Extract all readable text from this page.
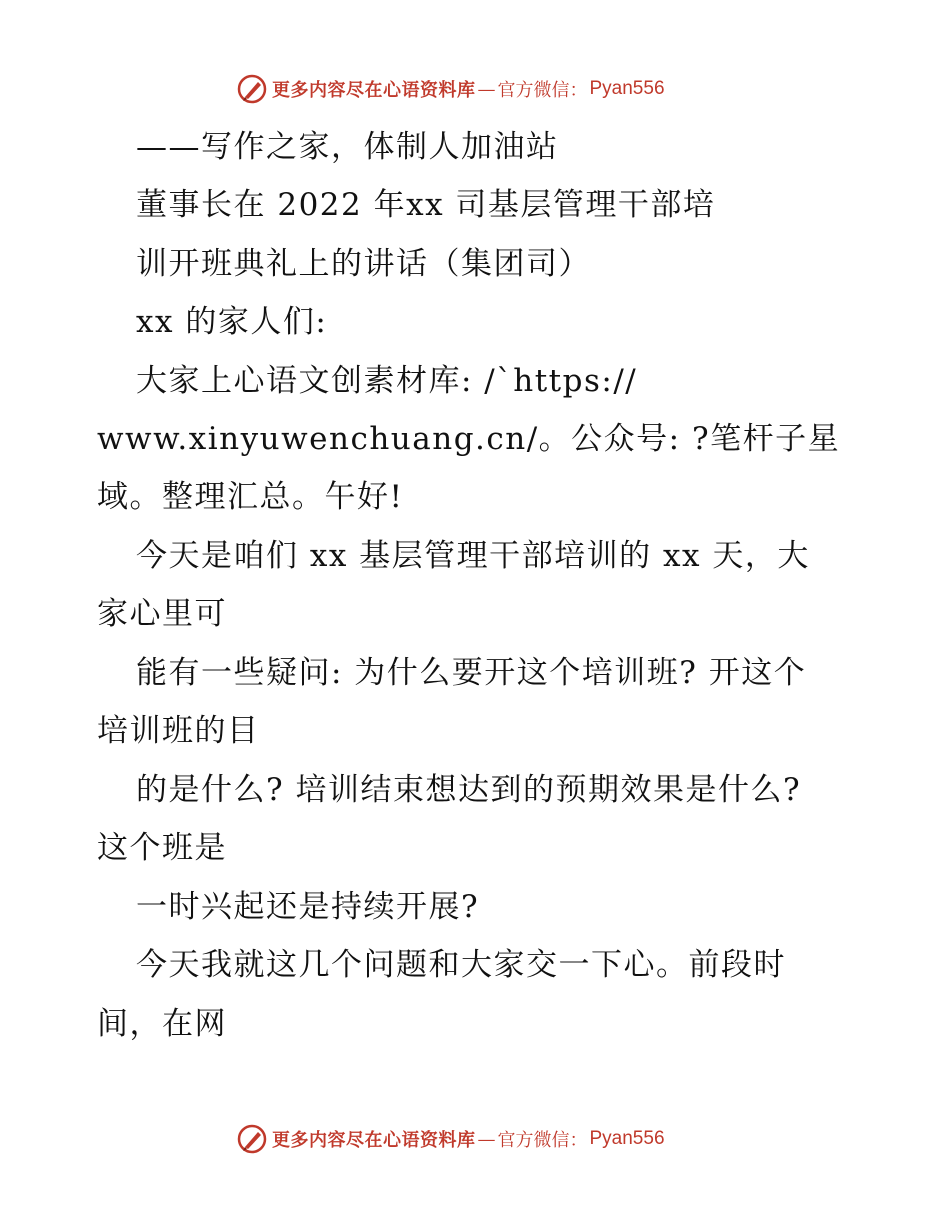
更多内容尽在心语资料库 — 官方微信： Pyan556
——写作之家，体制人加油站
董事长在 2022 年xx 司基层管理干部培
训开班典礼上的讲话（集团司）
xx 的家人们:
大家上心语文创素材库: /`https://
www.xinyuwenchuang.cn/。公众号: ?笔杆子星
域。整理汇总。午好!
今天是咱们 xx 基层管理干部培训的 xx 天，大
家心里可
能有一些疑问: 为什么要开这个培训班? 开这个
培训班的目
的是什么? 培训结束想达到的预期效果是什么?
这个班是
一时兴起还是持续开展?
今天我就这几个问题和大家交一下心。前段时
间，在网
更多内容尽在心语资料库 — 官方微信： Pyan556
